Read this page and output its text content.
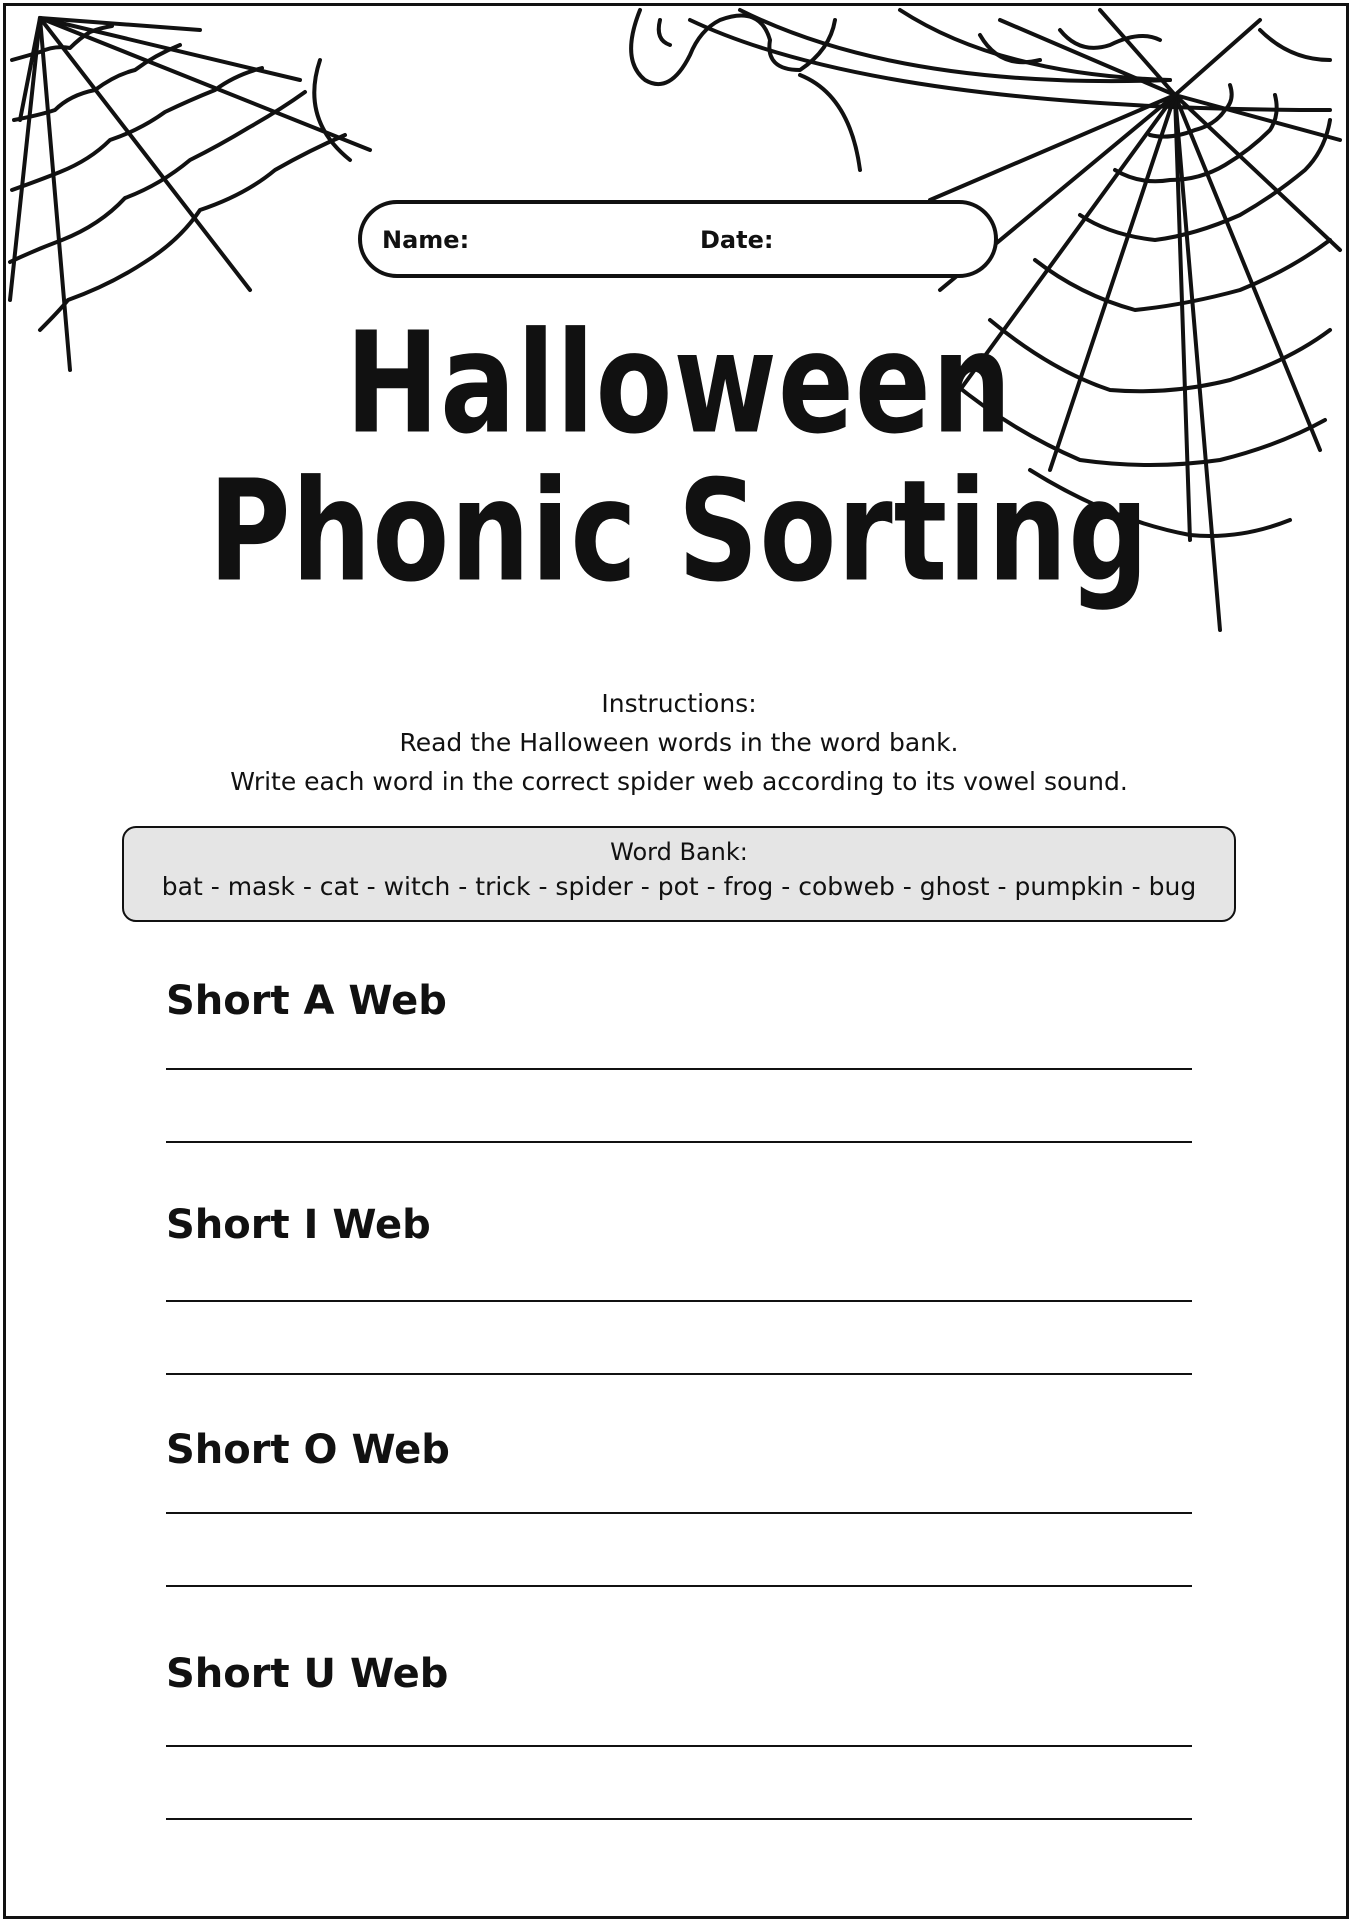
Name:	Date:
Halloween
Phonic Sorting
Instructions:
Read the Halloween words in the word bank.
Write each word in the correct spider web according to its vowel sound.
Word Bank:
bat - mask - cat - witch - trick - spider - pot - frog - cobweb - ghost - pumpkin - bug
Short A Web
Short I Web
Short O Web
Short U Web
